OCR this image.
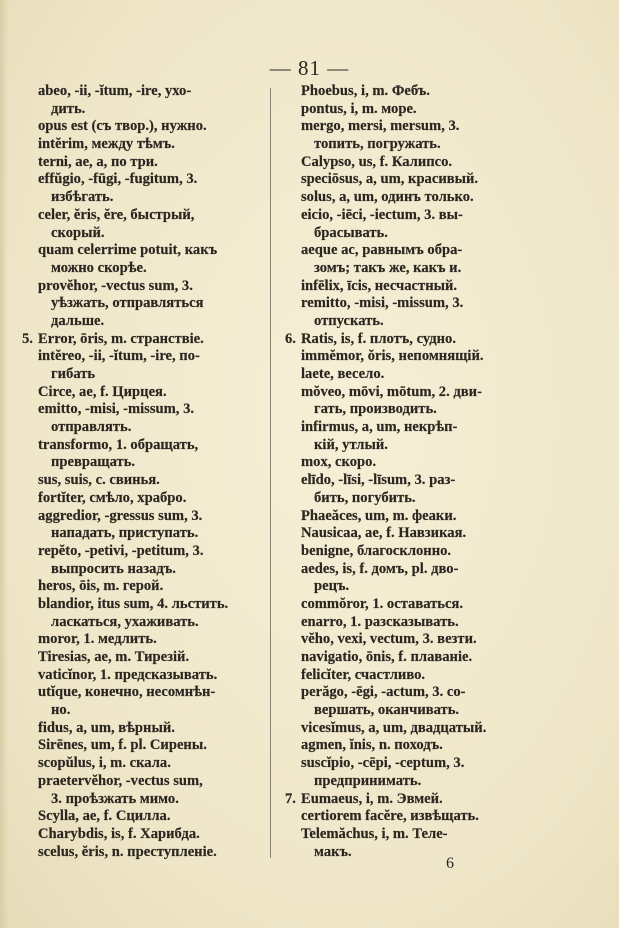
— 81 —
abeo, -ii, -ĭtum, -ire, ухо-
дить.
opus est (съ твор.), нужно.
intĕrim, между тѣмъ.
terni, ae, a, по три.
effŭgio, -fūgi, -fugitum, 3.
избѣгать.
celer, ĕris, ĕre, быстрый,
скорый.
quam celerrime potuit, какъ
можно скорѣе.
provĕhor, -vectus sum, 3.
уѣзжать, отправляться
дальше.
5. Error, ōris, m. странствіе.
intĕreo, -ii, -ĭtum, -ire, по-
гибать
Circe, ae, f. Цирцея.
emitto, -misi, -missum, 3.
отправлять.
transformo, 1. обращать,
превращать.
sus, suis, c. свинья.
fortĭter, смѣло, храбро.
aggredior, -gressus sum, 3.
нападать, приступать.
repĕto, -petivi, -petitum, 3.
выпросить назадъ.
heros, ōis, m. герой.
blandior, itus sum, 4. льстить.
ласкаться, ухаживать.
moror, 1. медлить.
Tiresias, ae, m. Тирезій.
vaticĭnor, 1. предсказывать.
utĭque, конечно, несомнѣн-
но.
fidus, a, um, вѣрный.
Sirēnes, um, f. pl. Сирены.
scopŭlus, i, m. скала.
praetervĕhor, -vectus sum,
3. проѣзжать мимо.
Scylla, ae, f. Сцилла.
Charybdis, is, f. Харибда.
scelus, ĕris, n. преступленіе.
Phoebus, i, m. Фебъ.
pontus, i, m. море.
mergo, mersi, mersum, 3.
топить, погружать.
Calypso, us, f. Калипсо.
speciōsus, a, um, красивый.
solus, a, um, одинъ только.
eicio, -iēci, -iectum, 3. вы-
брасывать.
aeque ac, равнымъ обра-
зомъ; такъ же, какъ и.
infēlix, īcis, несчастный.
remitto, -misi, -missum, 3.
отпускать.
6. Ratis, is, f. плотъ, судно.
immĕmor, ŏris, непомнящій.
laete, весело.
mŏveo, mōvi, mōtum, 2. дви-
гать, производить.
infirmus, a, um, некрѣп-
кій, утлый.
mox, скоро.
elīdo, -līsi, -līsum, 3. раз-
бить, погубить.
Phaeăces, um, m. феаки.
Nausicaa, ae, f. Навзикая.
benigne, благосклонно.
aedes, is, f. домъ, pl. дво-
рецъ.
commŏror, 1. оставаться.
enarro, 1. разсказывать.
vĕho, vexi, vectum, 3. везти.
navigatio, ōnis, f. плаваніе.
felicĭter, счастливо.
perăgo, -ēgi, -actum, 3. со-
вершать, оканчивать.
vicesĭmus, a, um, двадцатый.
agmen, ĭnis, n. походъ.
suscĭpio, -cēpi, -ceptum, 3.
предпринимать.
7. Eumaeus, i, m. Эвмей.
certiorem facĕre, извѣщать.
Telemăchus, i, m. Теле-
макъ.
6
